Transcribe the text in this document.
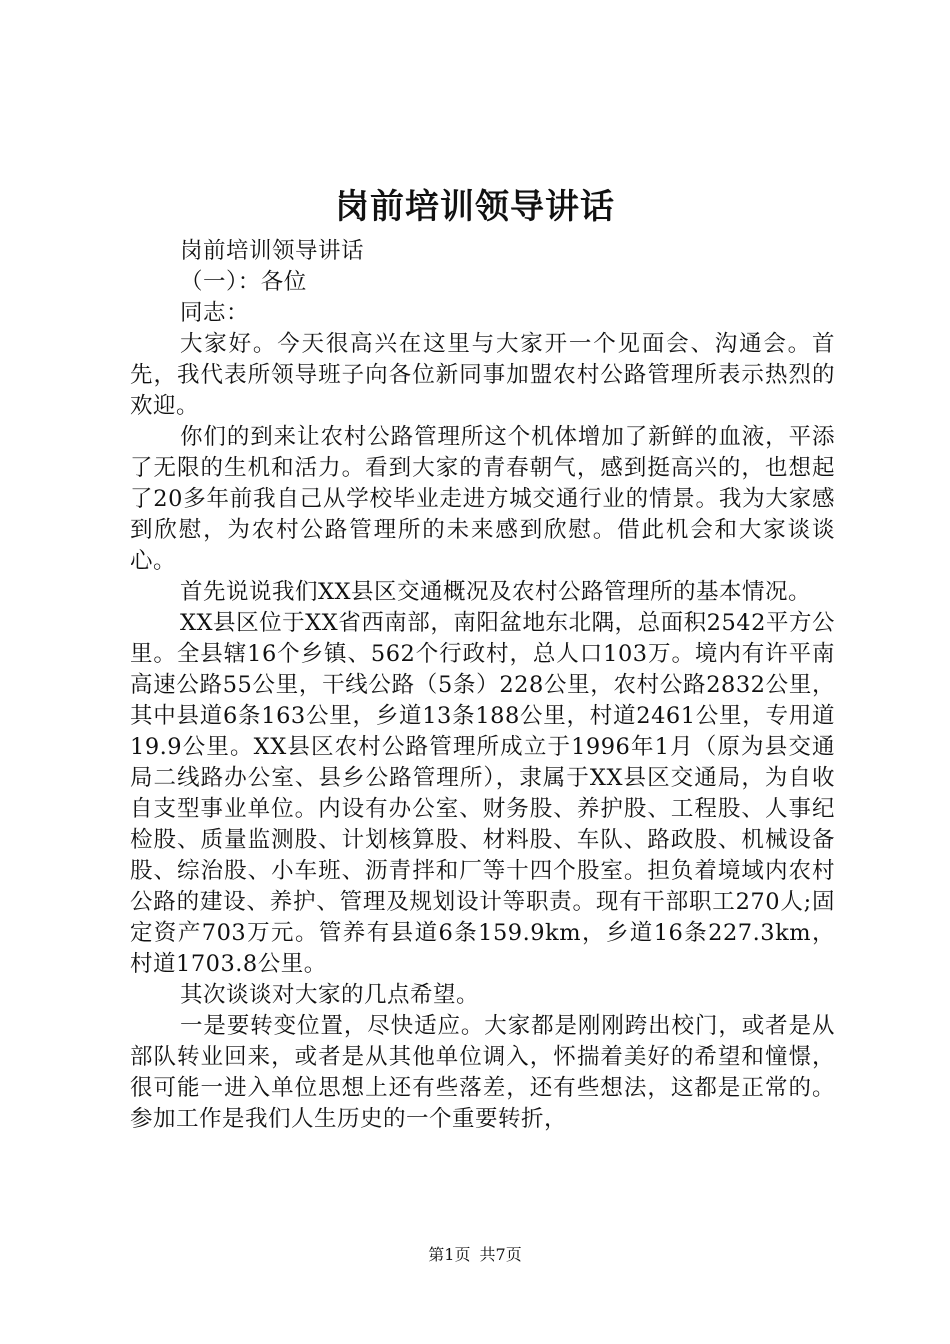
岗前培训领导讲话

岗前培训领导讲话

（一）：各位

同志：

大家好。今天很高兴在这里与大家开一个见面会、沟通会。首先，我代表所领导班子向各位新同事加盟农村公路管理所表示热烈的欢迎。

你们的到来让农村公路管理所这个机体增加了新鲜的血液，平添了无限的生机和活力。看到大家的青春朝气，感到挺高兴的，也想起了20多年前我自己从学校毕业走进方城交通行业的情景。我为大家感到欣慰，为农村公路管理所的未来感到欣慰。借此机会和大家谈谈心。

首先说说我们XX县区交通概况及农村公路管理所的基本情况。

XX县区位于XX省西南部，南阳盆地东北隅，总面积2542平方公里。全县辖16个乡镇、562个行政村，总人口103万。境内有许平南高速公路55公里，干线公路（5条）228公里，农村公路2832公里，其中县道6条163公里，乡道13条188公里，村道2461公里，专用道19.9公里。XX县区农村公路管理所成立于1996年1月（原为县交通局二线路办公室、县乡公路管理所），隶属于XX县区交通局，为自收自支型事业单位。内设有办公室、财务股、养护股、工程股、人事纪检股、质量监测股、计划核算股、材料股、车队、路政股、机械设备股、综治股、小车班、沥青拌和厂等十四个股室。担负着境域内农村公路的建设、养护、管理及规划设计等职责。现有干部职工270人;固定资产703万元。管养有县道6条159.9km，乡道16条227.3km，村道1703.8公里。

其次谈谈对大家的几点希望。

一是要转变位置，尽快适应。大家都是刚刚跨出校门，或者是从部队转业回来，或者是从其他单位调入，怀揣着美好的希望和憧憬，很可能一进入单位思想上还有些落差，还有些想法，这都是正常的。参加工作是我们人生历史的一个重要转折，

第1页 共7页
